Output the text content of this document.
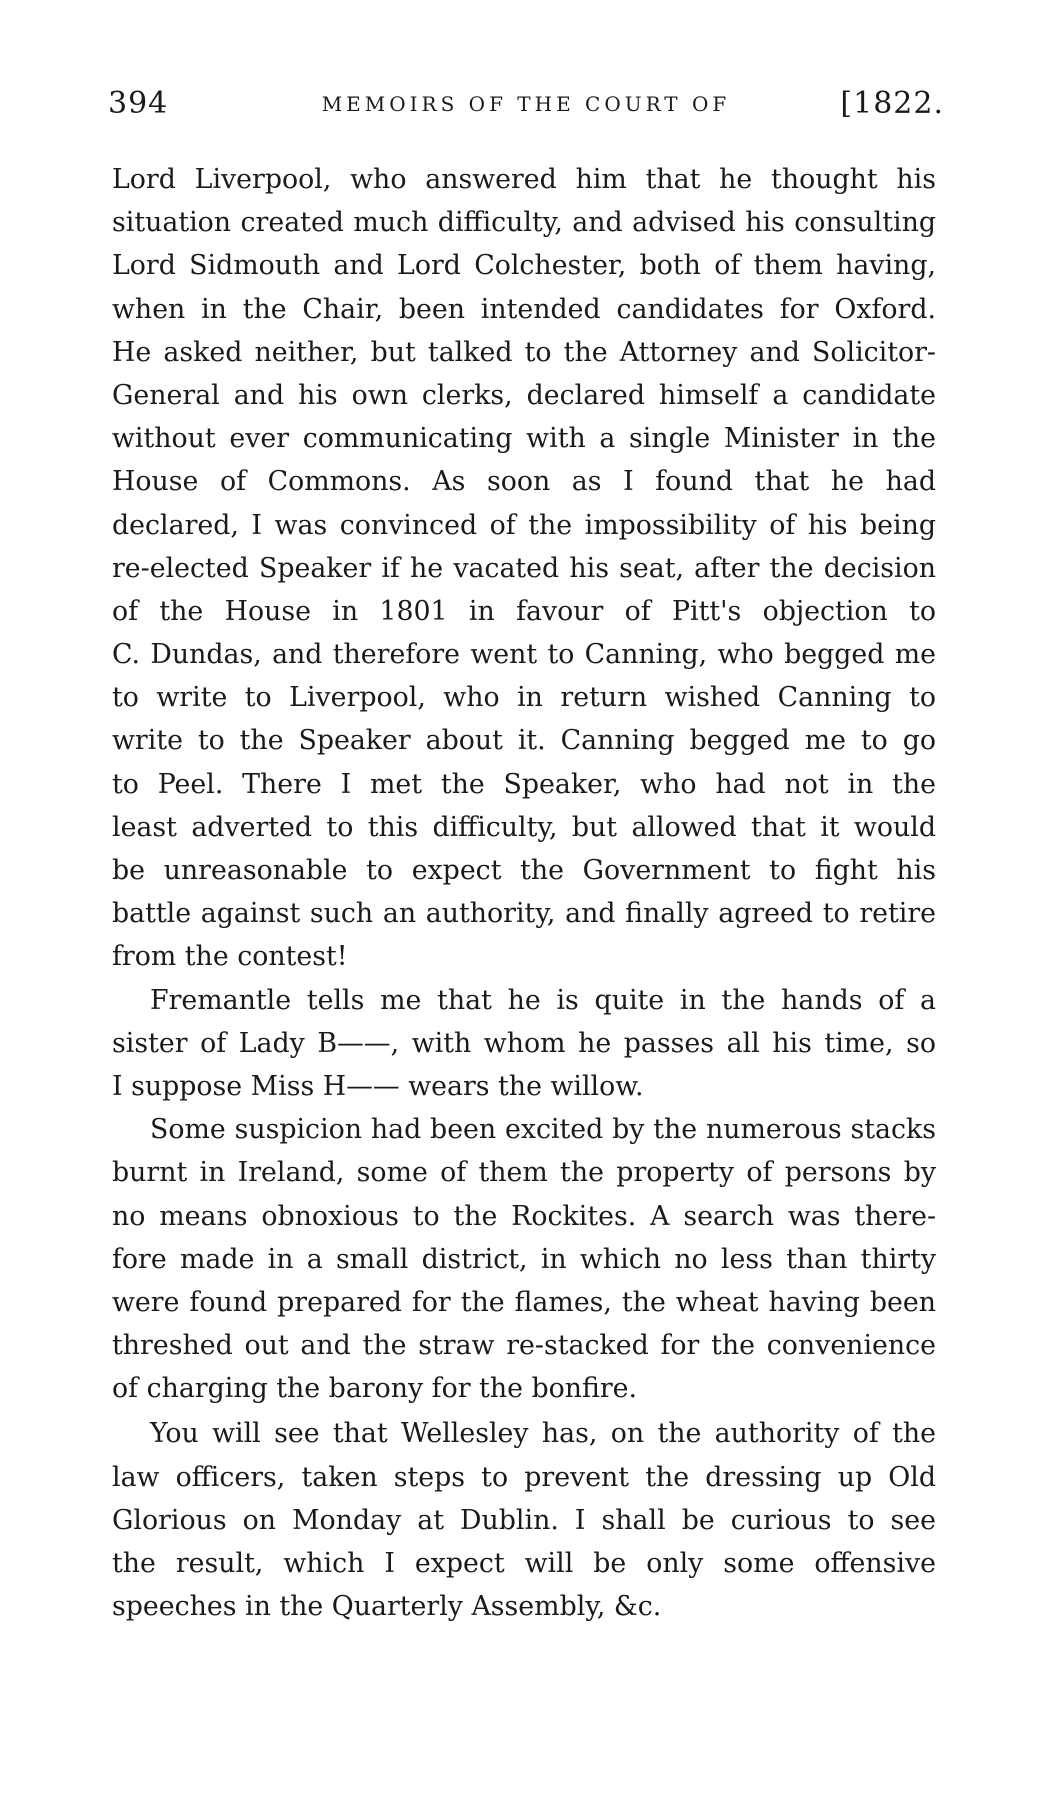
394	MEMOIRS OF THE COURT OF	[1822.
Lord Liverpool, who answered him that he thought his
situation created much difficulty, and advised his consulting
Lord Sidmouth and Lord Colchester, both of them having,
when in the Chair, been intended candidates for Oxford.
He asked neither, but talked to the Attorney and Solicitor-
General and his own clerks, declared himself a candidate
without ever communicating with a single Minister in the
House of Commons. As soon as I found that he had
declared, I was convinced of the impossibility of his being
re-elected Speaker if he vacated his seat, after the decision
of the House in 1801 in favour of Pitt's objection to
C. Dundas, and therefore went to Canning, who begged me
to write to Liverpool, who in return wished Canning to
write to the Speaker about it. Canning begged me to go
to Peel. There I met the Speaker, who had not in the
least adverted to this difficulty, but allowed that it would
be unreasonable to expect the Government to fight his
battle against such an authority, and finally agreed to retire
from the contest!
Fremantle tells me that he is quite in the hands of a
sister of Lady B——, with whom he passes all his time, so
I suppose Miss H—— wears the willow.
Some suspicion had been excited by the numerous stacks
burnt in Ireland, some of them the property of persons by
no means obnoxious to the Rockites. A search was there-
fore made in a small district, in which no less than thirty
were found prepared for the flames, the wheat having been
threshed out and the straw re-stacked for the convenience
of charging the barony for the bonfire.
You will see that Wellesley has, on the authority of the
law officers, taken steps to prevent the dressing up Old
Glorious on Monday at Dublin. I shall be curious to see
the result, which I expect will be only some offensive
speeches in the Quarterly Assembly, &c.
